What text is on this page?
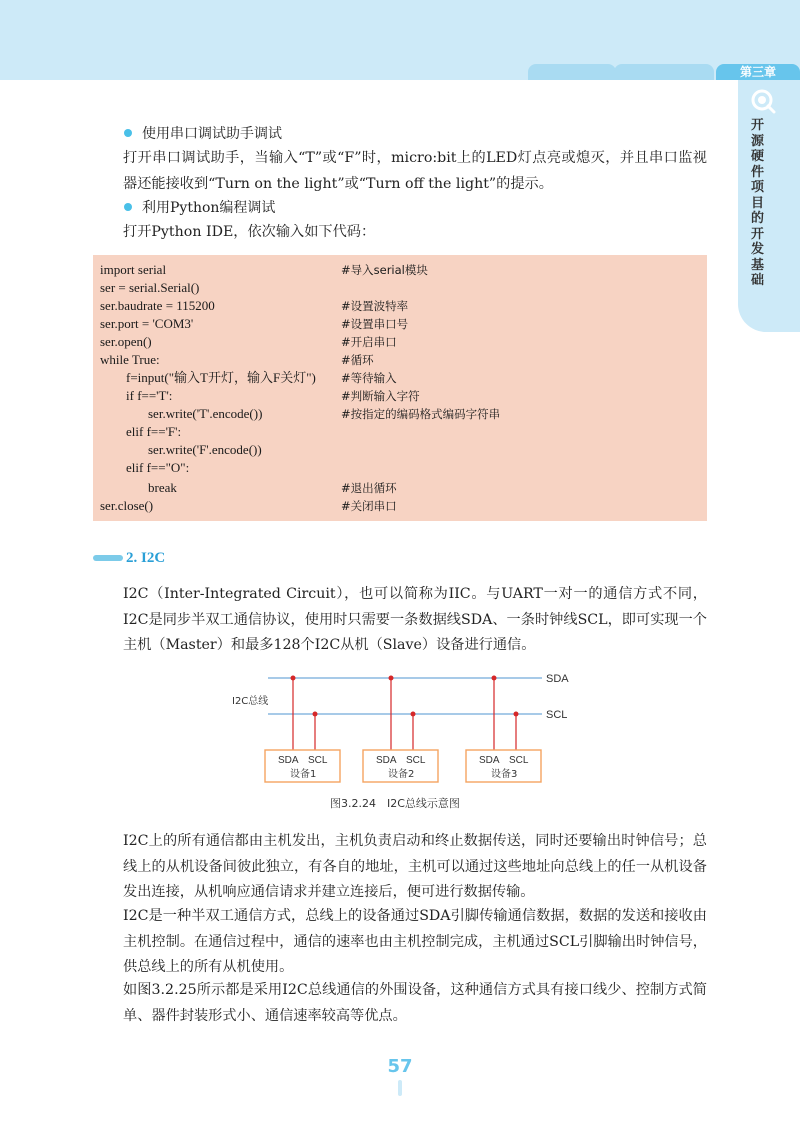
第三章
开源硬件项目的开发基础
使用串口调试助手调试
打开串口调试助手，当输入“T”或“F”时，micro:bit上的LED灯点亮或熄灭，并且串口监视器还能接收到“Turn on the light”或“Turn off the light”的提示。
利用Python编程调试
打开Python IDE，依次输入如下代码：
import serial	#导入serial模块
ser = serial.Serial()
ser.baudrate = 115200	#设置波特率
ser.port = 'COM3'	#设置串口号
ser.open()	#开启串口
while True:	#循环
f=input("输入T开灯，输入F关灯") #等待输入
if f=='T':	#判断输入字符
ser.write('T'.encode())	#按指定的编码格式编码字符串
elif f=='F':
ser.write('F'.encode())
elif f=="O":
break	#退出循环
ser.close()	#关闭串口
2. I2C
I2C（Inter-Integrated Circuit），也可以简称为IIC。与UART一对一的通信方式不同，I2C是同步半双工通信协议，使用时只需要一条数据线SDA、一条时钟线SCL，即可实现一个主机（Master）和最多128个I2C从机（Slave）设备进行通信。
I2C总线
SDA
SCL
SDA SCL
设备1
SDA SCL
设备2
SDA SCL
设备3
图3.2.24　I2C总线示意图
I2C上的所有通信都由主机发出，主机负责启动和终止数据传送，同时还要输出时钟信号；总线上的从机设备间彼此独立，有各自的地址，主机可以通过这些地址向总线上的任一从机设备发出连接，从机响应通信请求并建立连接后，便可进行数据传输。
I2C是一种半双工通信方式，总线上的设备通过SDA引脚传输通信数据，数据的发送和接收由主机控制。在通信过程中，通信的速率也由主机控制完成，主机通过SCL引脚输出时钟信号，供总线上的所有从机使用。
如图3.2.25所示都是采用I2C总线通信的外围设备，这种通信方式具有接口线少、控制方式简单、器件封装形式小、通信速率较高等优点。
57
